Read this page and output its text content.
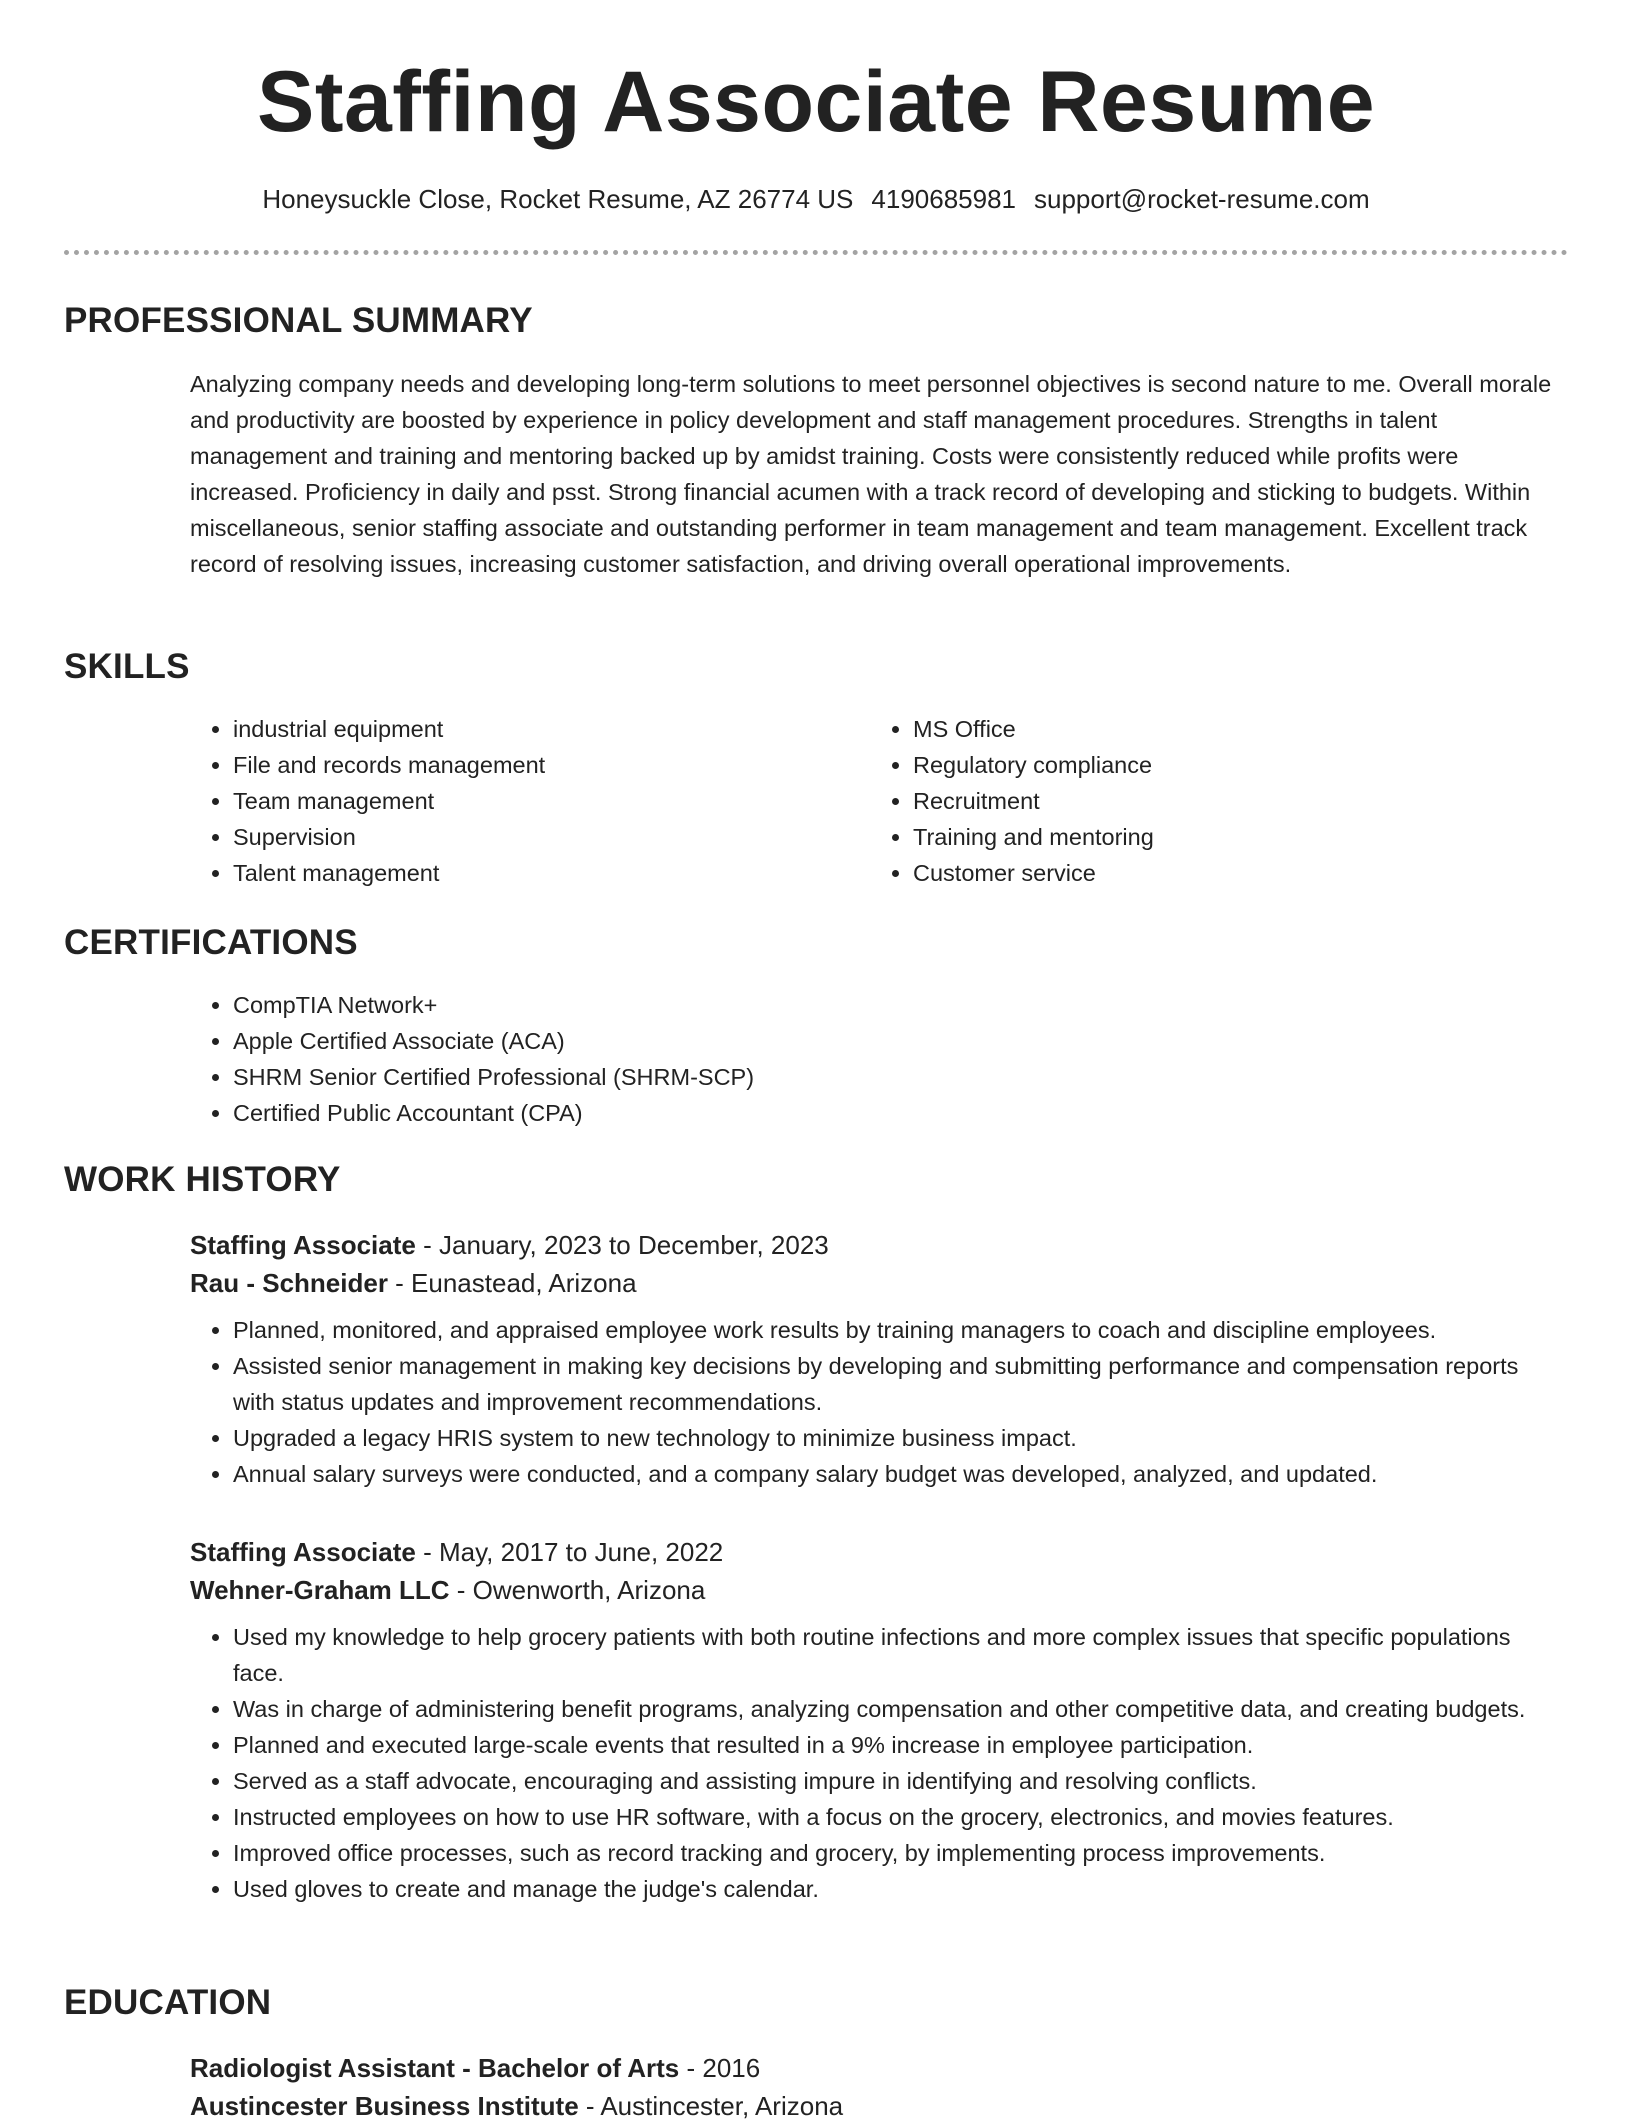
Staffing Associate Resume
Honeysuckle Close, Rocket Resume, AZ 26774 US 4190685981 support@rocket-resume.com
PROFESSIONAL SUMMARY

Analyzing company needs and developing long-term solutions to meet personnel objectives is second nature to me. Overall morale and productivity are boosted by experience in policy development and staff management procedures. Strengths in talent management and training and mentoring backed up by amidst training. Costs were consistently reduced while profits were increased. Proficiency in daily and psst. Strong financial acumen with a track record of developing and sticking to budgets. Within miscellaneous, senior staffing associate and outstanding performer in team management and team management. Excellent track record of resolving issues, increasing customer satisfaction, and driving overall operational improvements.

SKILLS
• industrial equipment
• File and records management
• Team management
• Supervision
• Talent management
• MS Office
• Regulatory compliance
• Recruitment
• Training and mentoring
• Customer service
CERTIFICATIONS
• CompTIA Network+
• Apple Certified Associate (ACA)
• SHRM Senior Certified Professional (SHRM-SCP)
• Certified Public Accountant (CPA)
WORK HISTORY
Staffing Associate - January, 2023 to December, 2023
Rau - Schneider - Eunastead, Arizona
• Planned, monitored, and appraised employee work results by training managers to coach and discipline employees.
• Assisted senior management in making key decisions by developing and submitting performance and compensation reports with status updates and improvement recommendations.
• Upgraded a legacy HRIS system to new technology to minimize business impact.
• Annual salary surveys were conducted, and a company salary budget was developed, analyzed, and updated.
Staffing Associate - May, 2017 to June, 2022
Wehner-Graham LLC - Owenworth, Arizona
• Used my knowledge to help grocery patients with both routine infections and more complex issues that specific populations face.
• Was in charge of administering benefit programs, analyzing compensation and other competitive data, and creating budgets.
• Planned and executed large-scale events that resulted in a 9% increase in employee participation.
• Served as a staff advocate, encouraging and assisting impure in identifying and resolving conflicts.
• Instructed employees on how to use HR software, with a focus on the grocery, electronics, and movies features.
• Improved office processes, such as record tracking and grocery, by implementing process improvements.
• Used gloves to create and manage the judge's calendar.
EDUCATION
Radiologist Assistant - Bachelor of Arts - 2016
Austincester Business Institute - Austincester, Arizona
